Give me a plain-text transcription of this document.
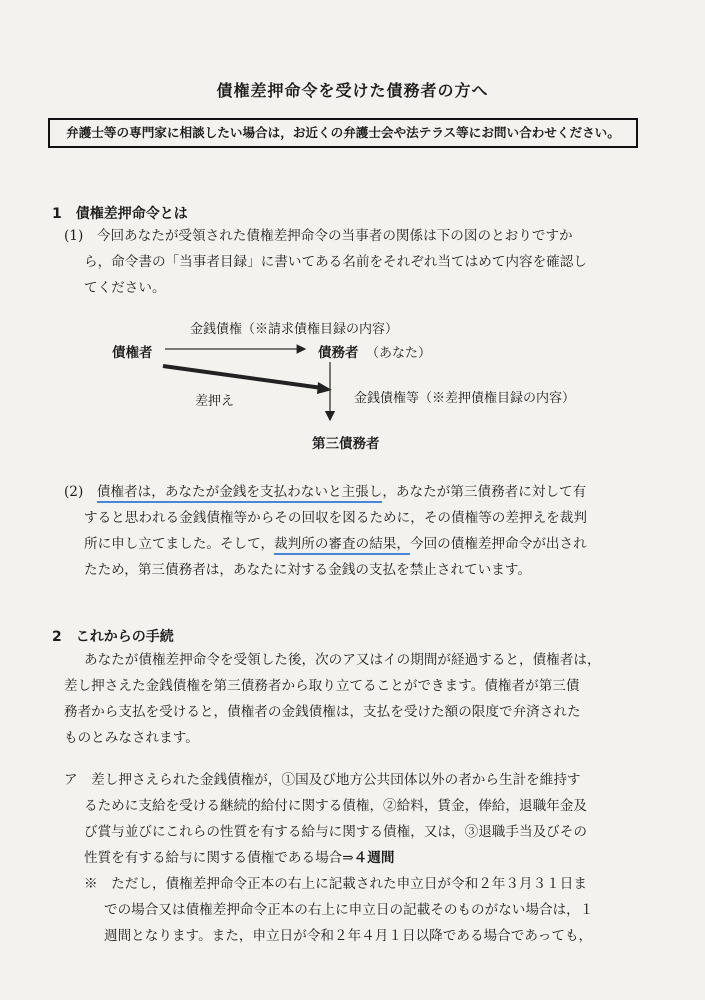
債権差押命令を受けた債務者の方へ
弁護士等の専門家に相談したい場合は，お近くの弁護士会や法テラス等にお問い合わせください。
1　債権差押命令とは
(1)　今回あなたが受領された債権差押命令の当事者の関係は下の図のとおりですか
ら，命令書の「当事者目録」に書いてある名前をそれぞれ当てはめて内容を確認し
てください。
金銭債権（※請求債権目録の内容）
債権者	債務者 （あなた）
差押え	金銭債権等（※差押債権目録の内容）
第三債務者
(2)　債権者は，あなたが金銭を支払わないと主張し，あなたが第三債務者に対して有
すると思われる金銭債権等からその回収を図るために，その債権等の差押えを裁判
所に申し立てました。そして，裁判所の審査の結果，今回の債権差押命令が出され
たため，第三債務者は，あなたに対する金銭の支払を禁止されています。
2　これからの手続
あなたが債権差押命令を受領した後，次のア又はイの期間が経過すると，債権者は，
差し押さえた金銭債権を第三債務者から取り立てることができます。債権者が第三債
務者から支払を受けると，債権者の金銭債権は，支払を受けた額の限度で弁済された
ものとみなされます。
ア　差し押さえられた金銭債権が，①国及び地方公共団体以外の者から生計を維持す
るために支給を受ける継続的給付に関する債権，②給料，賃金，俸給，退職年金及
び賞与並びにこれらの性質を有する給与に関する債権，又は，③退職手当及びその
性質を有する給与に関する債権である場合⇒４週間
※　ただし，債権差押命令正本の右上に記載された申立日が令和２年３月３１日ま
での場合又は債権差押命令正本の右上に申立日の記載そのものがない場合は，１
週間となります。また，申立日が令和２年４月１日以降である場合であっても，
